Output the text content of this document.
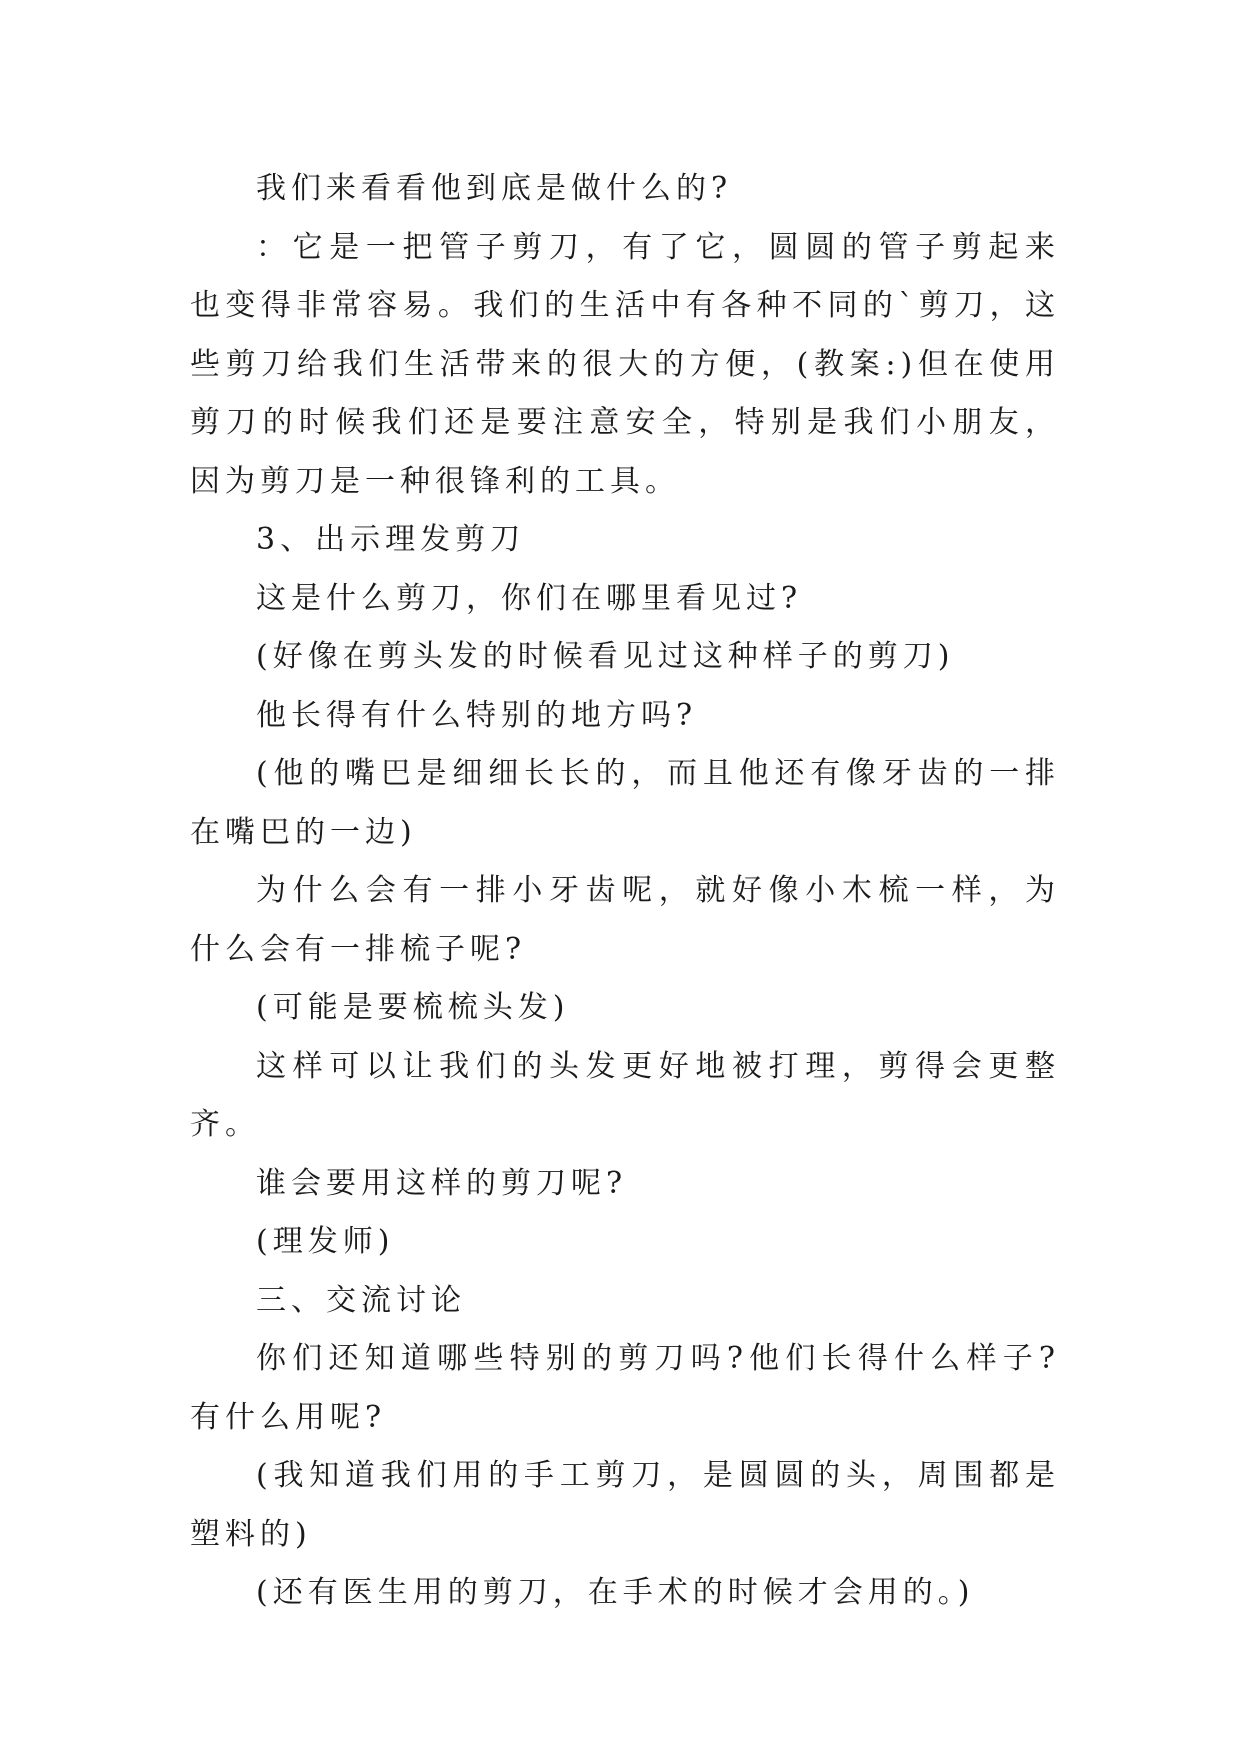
我们来看看他到底是做什么的?

：它是一把管子剪刀，有了它，圆圆的管子剪起来也变得非常容易。我们的生活中有各种不同的`剪刀，这些剪刀给我们生活带来的很大的方便，(教案:)但在使用剪刀的时候我们还是要注意安全，特别是我们小朋友，因为剪刀是一种很锋利的工具。

3、出示理发剪刀

这是什么剪刀，你们在哪里看见过?

(好像在剪头发的时候看见过这种样子的剪刀)

他长得有什么特别的地方吗?

(他的嘴巴是细细长长的，而且他还有像牙齿的一排在嘴巴的一边)

为什么会有一排小牙齿呢，就好像小木梳一样，为什么会有一排梳子呢?

(可能是要梳梳头发)

这样可以让我们的头发更好地被打理，剪得会更整齐。

谁会要用这样的剪刀呢?

(理发师)

三、交流讨论

你们还知道哪些特别的剪刀吗?他们长得什么样子?有什么用呢?

(我知道我们用的手工剪刀，是圆圆的头，周围都是塑料的)

(还有医生用的剪刀，在手术的时候才会用的。)
